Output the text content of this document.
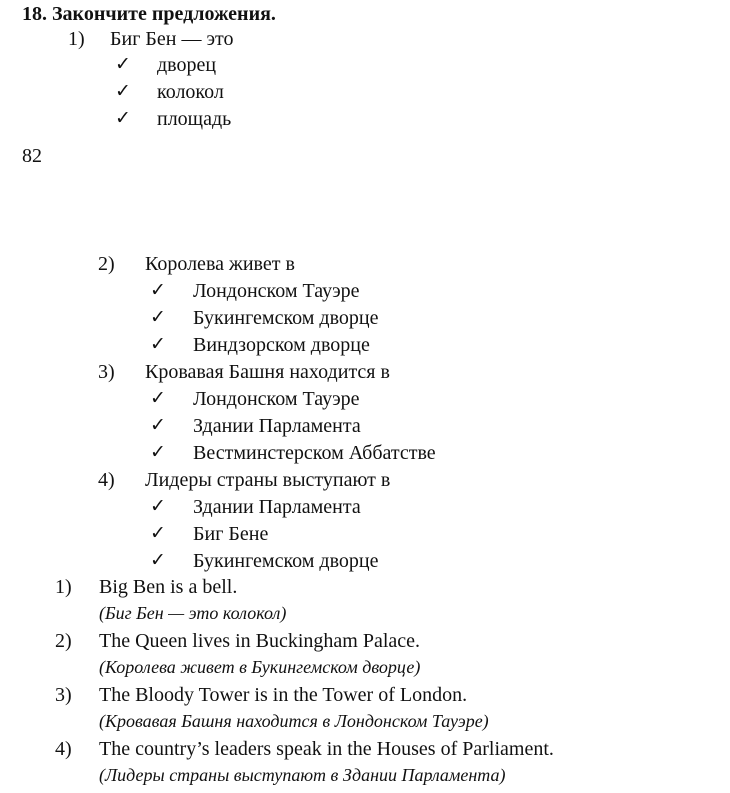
18. Закончите предложения.
1) Биг Бен — это
✓ дворец
✓ колокол
✓ площадь
82
2) Королева живет в
✓ Лондонском Тауэре
✓ Букингемском дворце
✓ Виндзорском дворце
3) Кровавая Башня находится в
✓ Лондонском Тауэре
✓ Здании Парламента
✓ Вестминстерском Аббатстве
4) Лидеры страны выступают в
✓ Здании Парламента
✓ Биг Бене
✓ Букингемском дворце
1) Big Ben is a bell.
(Биг Бен — это колокол)
2) The Queen lives in Buckingham Palace.
(Королева живет в Букингемском дворце)
3) The Bloody Tower is in the Tower of London.
(Кровавая Башня находится в Лондонском Тауэре)
4) The country’s leaders speak in the Houses of Parliament.
(Лидеры страны выступают в Здании Парламента)
